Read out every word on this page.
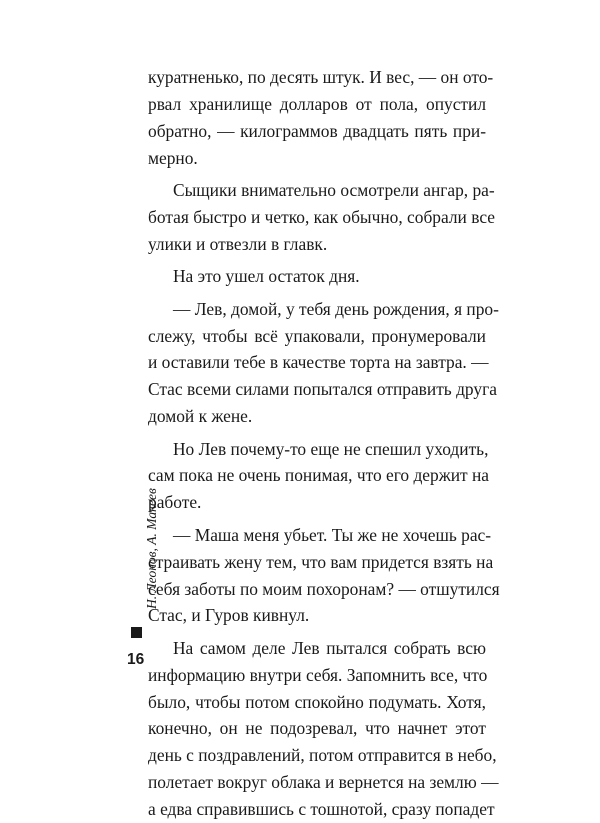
куратненько, по десять штук. И вес, — он ото-
рвал хранилище долларов от пола, опустил
обратно, — килограммов двадцать пять при-
мерно.
Сыщики внимательно осмотрели ангар, ра-
ботая быстро и четко, как обычно, собрали все
улики и отвезли в главк.
На это ушел остаток дня.
— Лев, домой, у тебя день рождения, я про-
слежу, чтобы всё упаковали, пронумеровали
и оставили тебе в качестве торта на завтра. —
Стас всеми силами попытался отправить друга
домой к жене.
Но Лев почему-то еще не спешил уходить,
сам пока не очень понимая, что его держит на
работе.
— Маша меня убьет. Ты же не хочешь рас-
страивать жену тем, что вам придется взять на
себя заботы по моим похоронам? — отшутился
Стас, и Гуров кивнул.
На самом деле Лев пытался собрать всю
информацию внутри себя. Запомнить все, что
было, чтобы потом спокойно подумать. Хотя,
конечно, он не подозревал, что начнет этот
день с поздравлений, потом отправится в небо,
полетает вокруг облака и вернется на землю —
а едва справившись с тошнотой, сразу попадет
Н. Леонов, А. Макеев
16
